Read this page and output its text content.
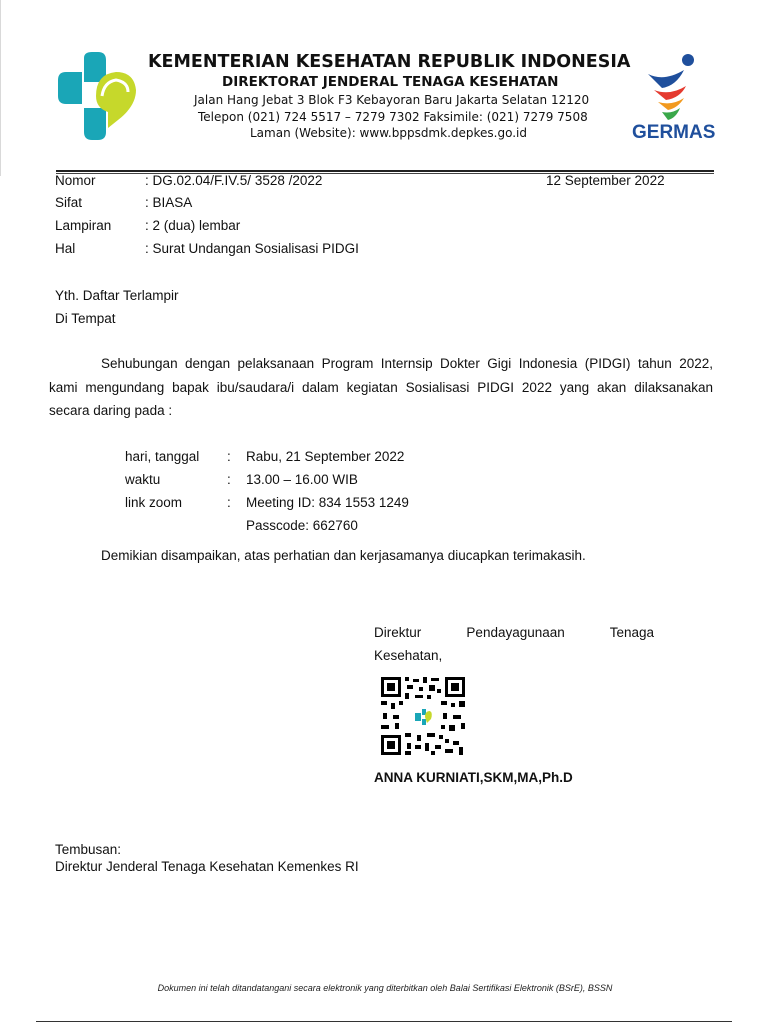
KEMENTERIAN KESEHATAN REPUBLIK INDONESIA
DIREKTORAT JENDERAL TENAGA KESEHATAN
Jalan Hang Jebat 3 Blok F3 Kebayoran Baru Jakarta Selatan 12120
Telepon (021) 724 5517 – 7279 7302 Faksimile: (021) 7279 7508
Laman (Website): www.bppsdmk.depkes.go.id	GERMAS
Nomor	: DG.02.04/F.IV.5/ 3528 /2022	12 September 2022
Sifat	: BIASA
Lampiran : 2 (dua) lembar
Hal	: Surat Undangan Sosialisasi PIDGI
Yth. Daftar Terlampir
Di Tempat
Sehubungan dengan pelaksanaan Program Internsip Dokter Gigi Indonesia (PIDGI) tahun 2022,
kami mengundang bapak ibu/saudara/i dalam kegiatan Sosialisasi PIDGI 2022 yang akan dilaksanakan
secara daring pada :
hari, tanggal : Rabu, 21 September 2022
waktu	: 13.00 – 16.00 WIB
link zoom	: Meeting ID: 834 1553 1249
Passcode: 662760
Demikian disampaikan, atas perhatian dan kerjasamanya diucapkan terimakasih.
Direktur Pendayagunaan Tenaga
Kesehatan,
ANNA KURNIATI,SKM,MA,Ph.D
Tembusan:
Direktur Jenderal Tenaga Kesehatan Kemenkes RI
Dokumen ini telah ditandatangani secara elektronik yang diterbitkan oleh Balai Sertifikasi Elektronik (BSrE), BSSN
